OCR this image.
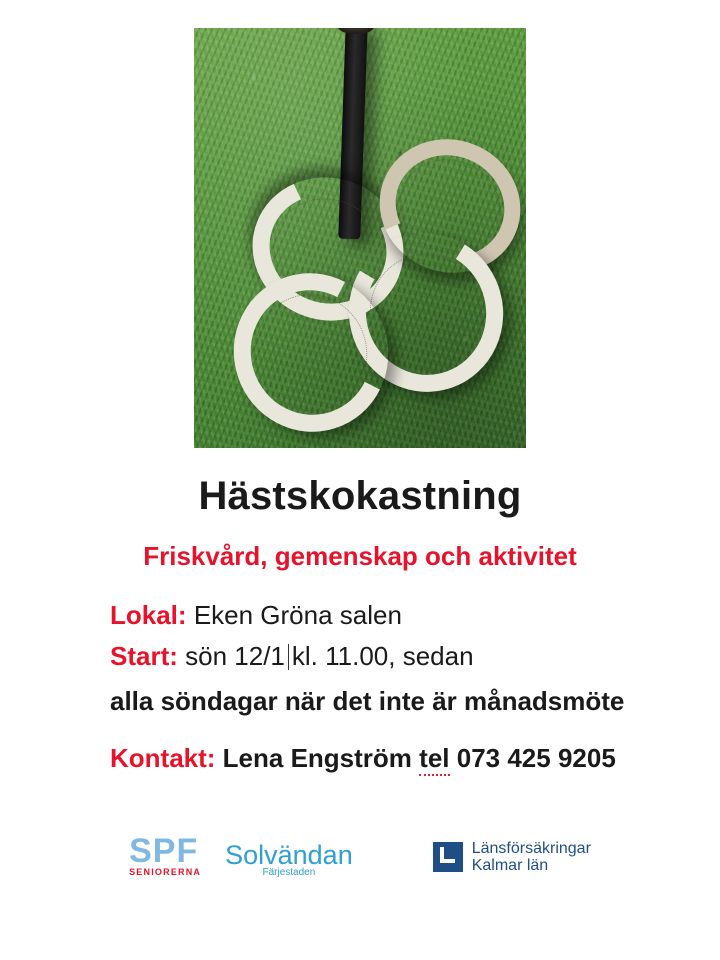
Hästskokastning
Friskvård, gemenskap och aktivitet
Lokal: Eken Gröna salen
Start: sön 12/1 kl. 11.00, sedan
alla söndagar när det inte är månadsmöte
Kontakt: Lena Engström tel 073 425 9205
SPF
SENIORERNA
Solvändan
Färjestaden
Länsförsäkringar
Kalmar län
